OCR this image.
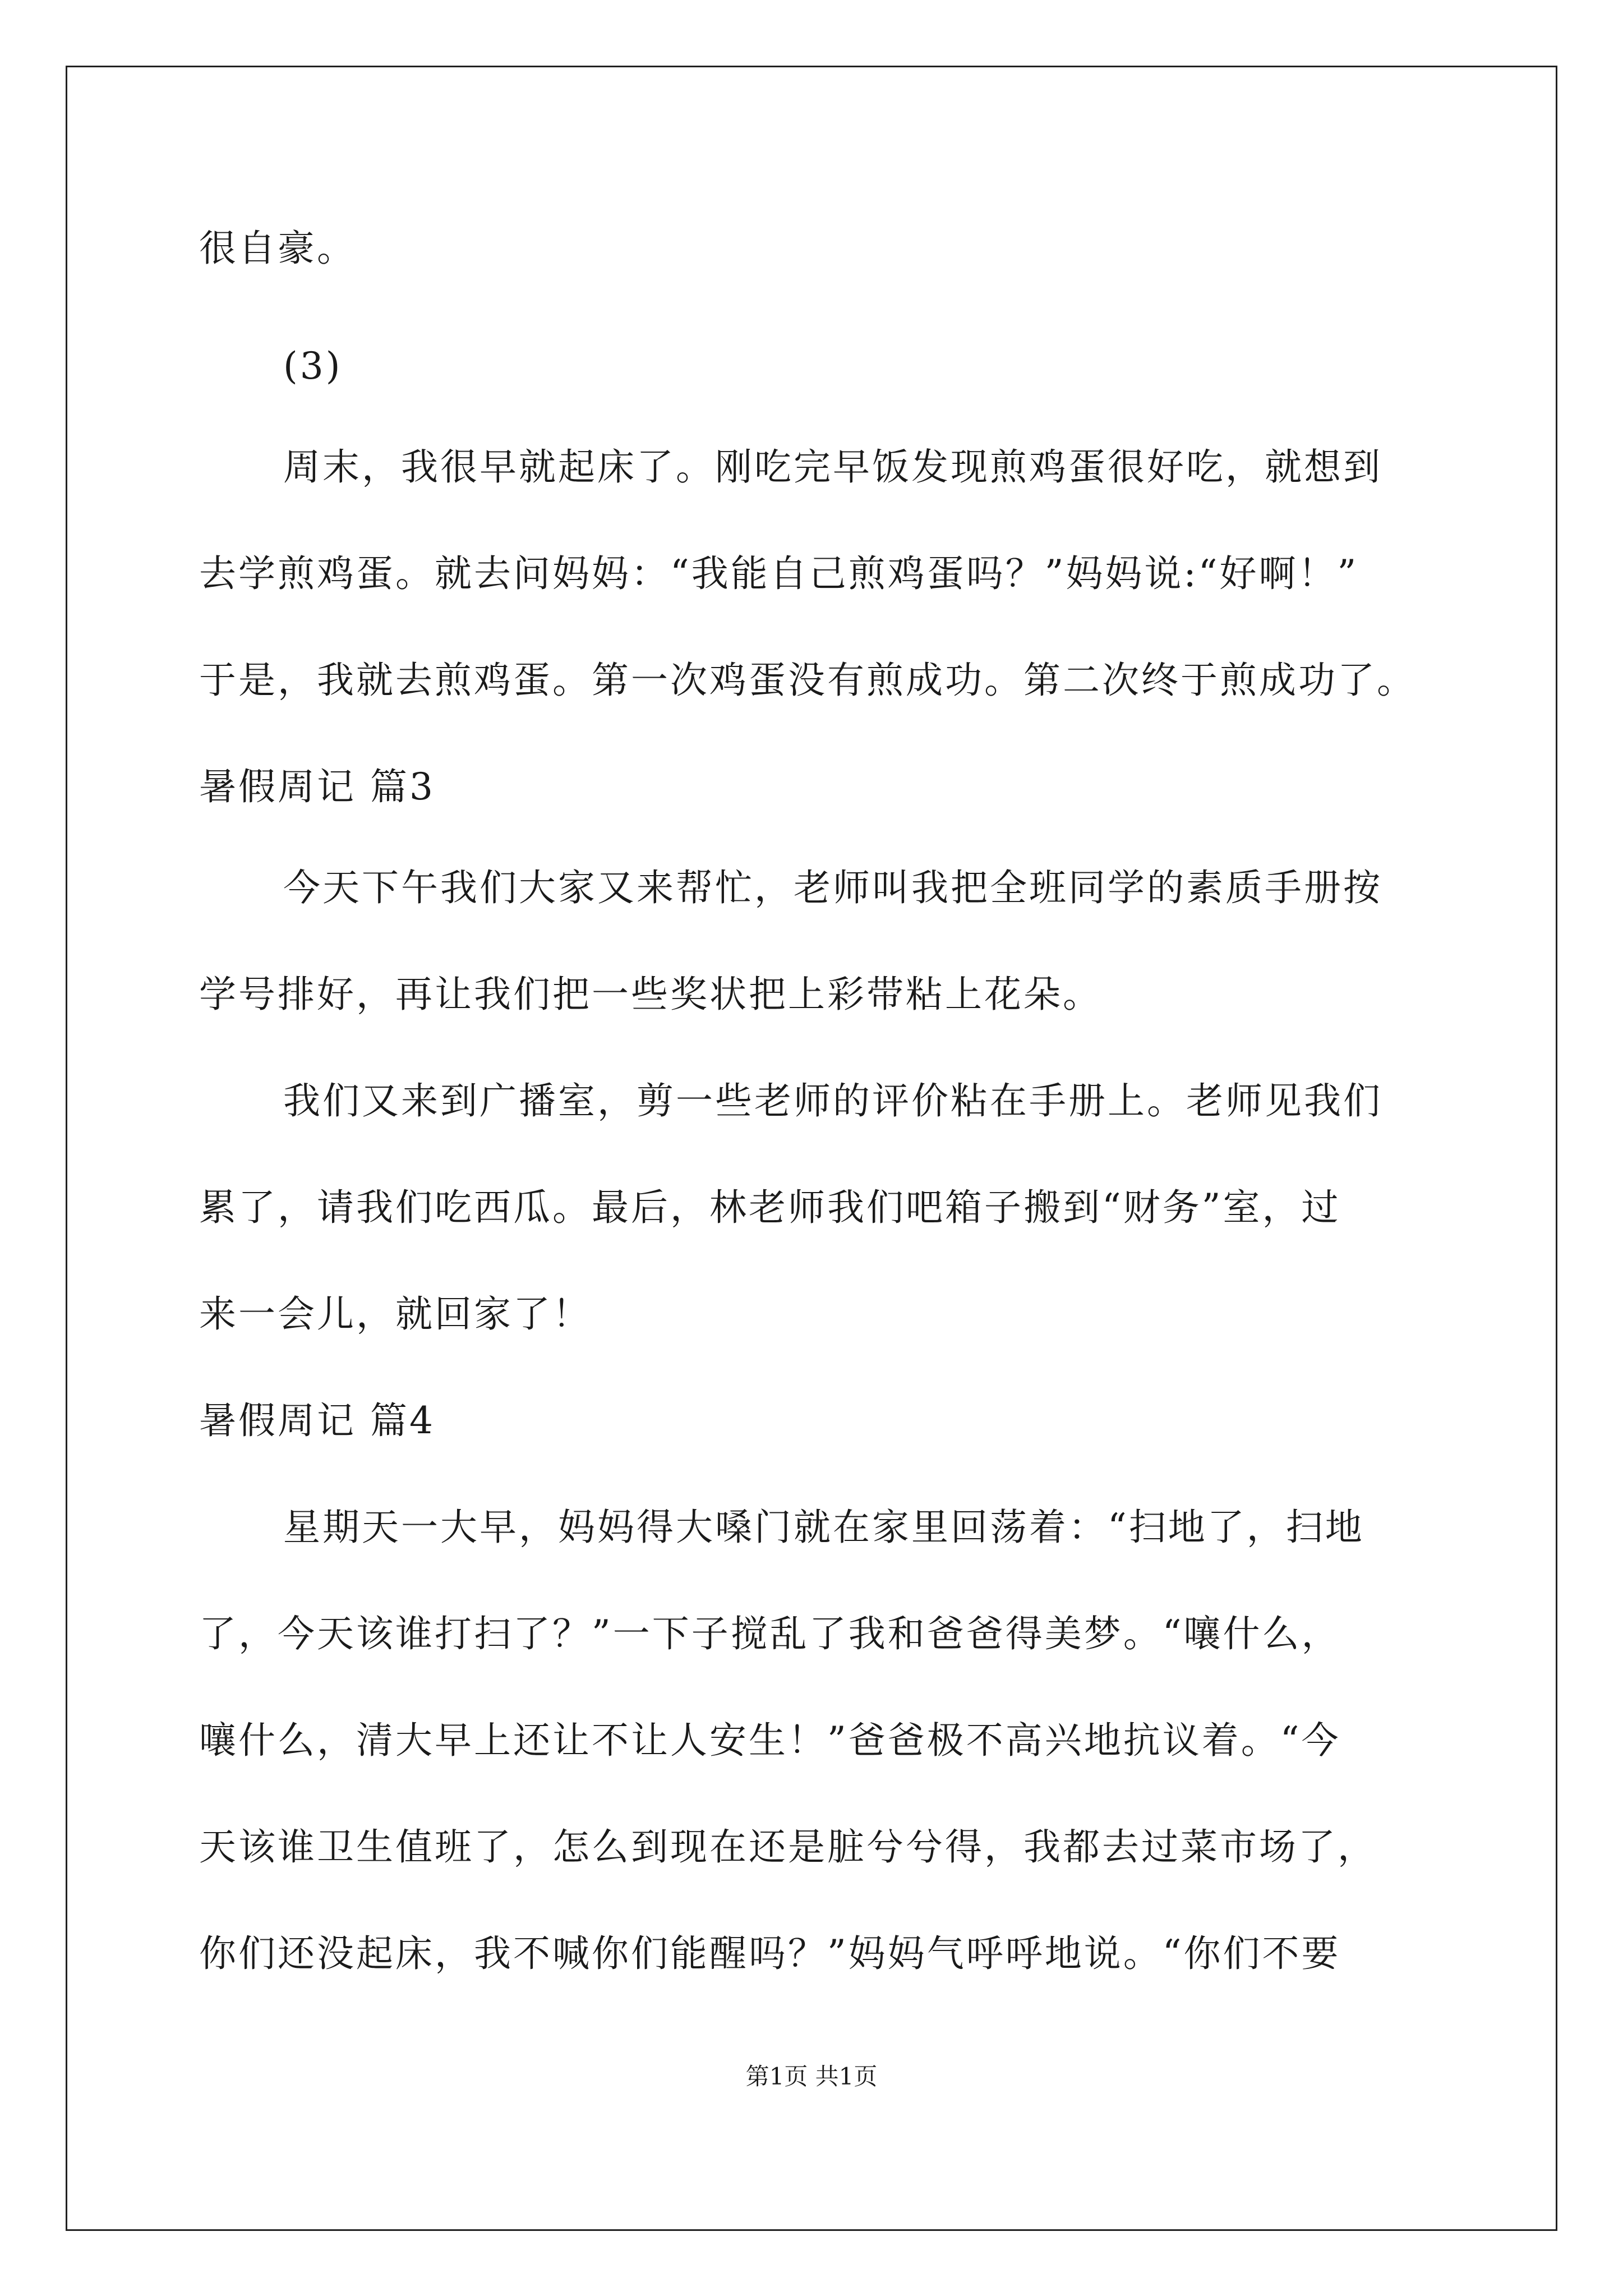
很自豪。
(3)
周末，我很早就起床了。刚吃完早饭发现煎鸡蛋很好吃，就想到
去学煎鸡蛋。就去问妈妈：“我能自己煎鸡蛋吗？”妈妈说:“好啊！”
于是，我就去煎鸡蛋。第一次鸡蛋没有煎成功。第二次终于煎成功了。
暑假周记 篇3
今天下午我们大家又来帮忙，老师叫我把全班同学的素质手册按
学号排好，再让我们把一些奖状把上彩带粘上花朵。
我们又来到广播室，剪一些老师的评价粘在手册上。老师见我们
累了，请我们吃西瓜。最后，林老师我们吧箱子搬到“财务”室，过
来一会儿，就回家了！
暑假周记 篇4
星期天一大早，妈妈得大嗓门就在家里回荡着：“扫地了，扫地
了，今天该谁打扫了？”一下子搅乱了我和爸爸得美梦。“嚷什么，
嚷什么，清大早上还让不让人安生！”爸爸极不高兴地抗议着。“今
天该谁卫生值班了，怎么到现在还是脏兮兮得，我都去过菜市场了，
你们还没起床，我不喊你们能醒吗？”妈妈气呼呼地说。“你们不要
第1页 共1页
